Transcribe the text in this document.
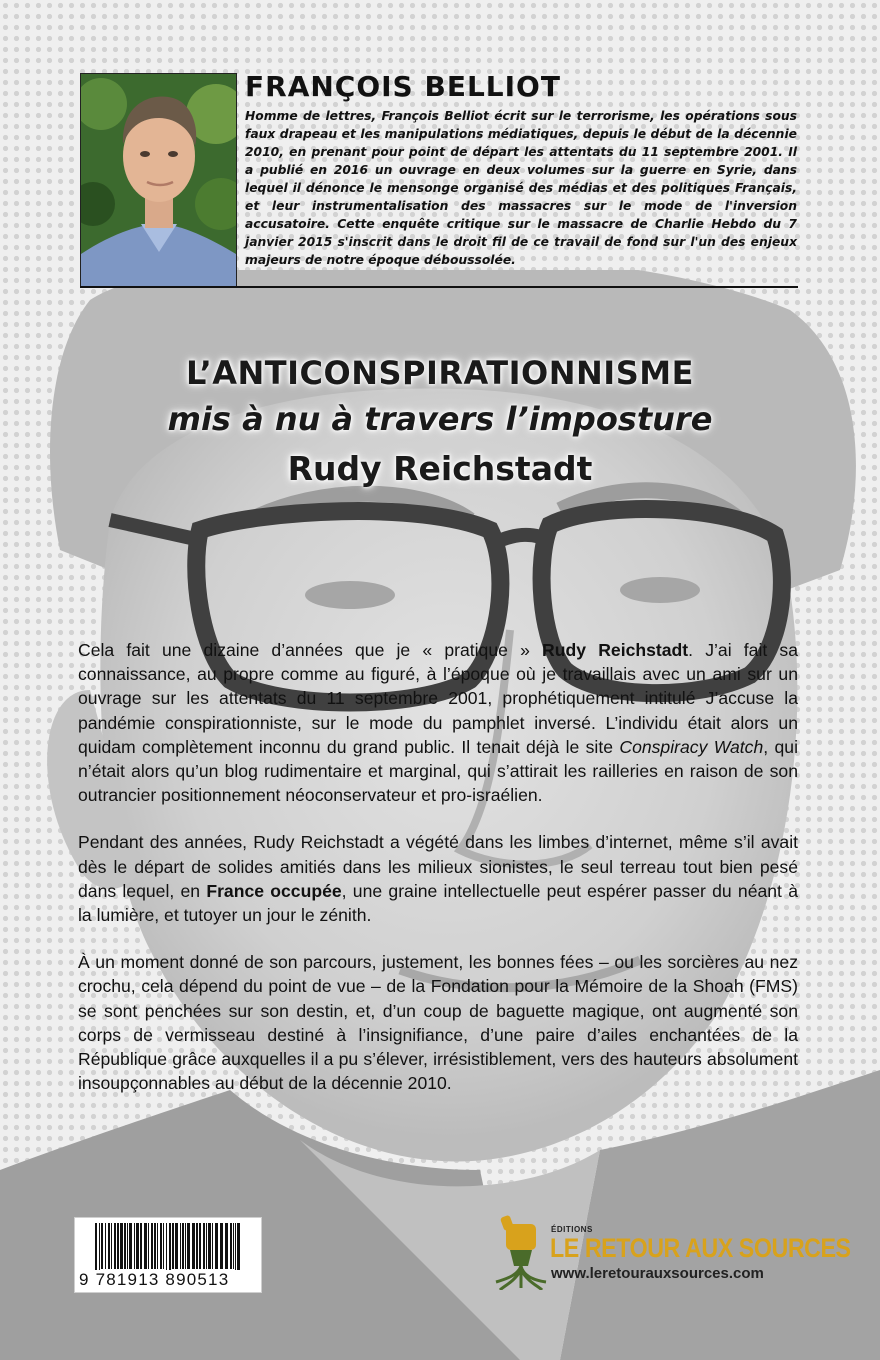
FRANÇOIS BELLIOT

Homme de lettres, François Belliot écrit sur le terrorisme, les opérations sous faux drapeau et les manipulations médiatiques, depuis le début de la décennie 2010, en prenant pour point de départ les attentats du 11 septembre 2001. Il a publié en 2016 un ouvrage en deux volumes sur la guerre en Syrie, dans lequel il dénonce le mensonge organisé des médias et des politiques Français, et leur instrumentalisation des massacres sur le mode de l'inversion accusatoire. Cette enquête critique sur le massacre de Charlie Hebdo du 7 janvier 2015 s'inscrit dans le droit fil de ce travail de fond sur l'un des enjeux majeurs de notre époque déboussolée.

L’ANTICONSPIRATIONNISME
mis à nu à travers l’imposture
Rudy Reichstadt

Cela fait une dizaine d’années que je « pratique » Rudy Reichstadt. J’ai fait sa connaissance, au propre comme au figuré, à l’époque où je travaillais avec un ami sur un ouvrage sur les attentats du 11 septembre 2001, prophétiquement intitulé J’accuse la pandémie conspirationniste, sur le mode du pamphlet inversé. L’individu était alors un quidam complètement inconnu du grand public. Il tenait déjà le site Conspiracy Watch, qui n’était alors qu’un blog rudimentaire et marginal, qui s’attirait les railleries en raison de son outrancier positionnement néoconservateur et pro-israélien.

Pendant des années, Rudy Reichstadt a végété dans les limbes d’internet, même s’il avait dès le départ de solides amitiés dans les milieux sionistes, le seul terreau tout bien pesé dans lequel, en France occupée, une graine intellectuelle peut espérer passer du néant à la lumière, et tutoyer un jour le zénith.

À un moment donné de son parcours, justement, les bonnes fées – ou les sorcières au nez crochu, cela dépend du point de vue – de la Fondation pour la Mémoire de la Shoah (FMS) se sont penchées sur son destin, et, d’un coup de baguette magique, ont augmenté son corps de vermisseau destiné à l’insignifiance, d’une paire d’ailes enchantées de la République grâce auxquelles il a pu s’élever, irrésistiblement, vers des hauteurs absolument insoupçonnables au début de la décennie 2010.

9 781913 890513
ÉDITIONS
LE RETOUR AUX SOURCES
www.leretourauxsources.com
